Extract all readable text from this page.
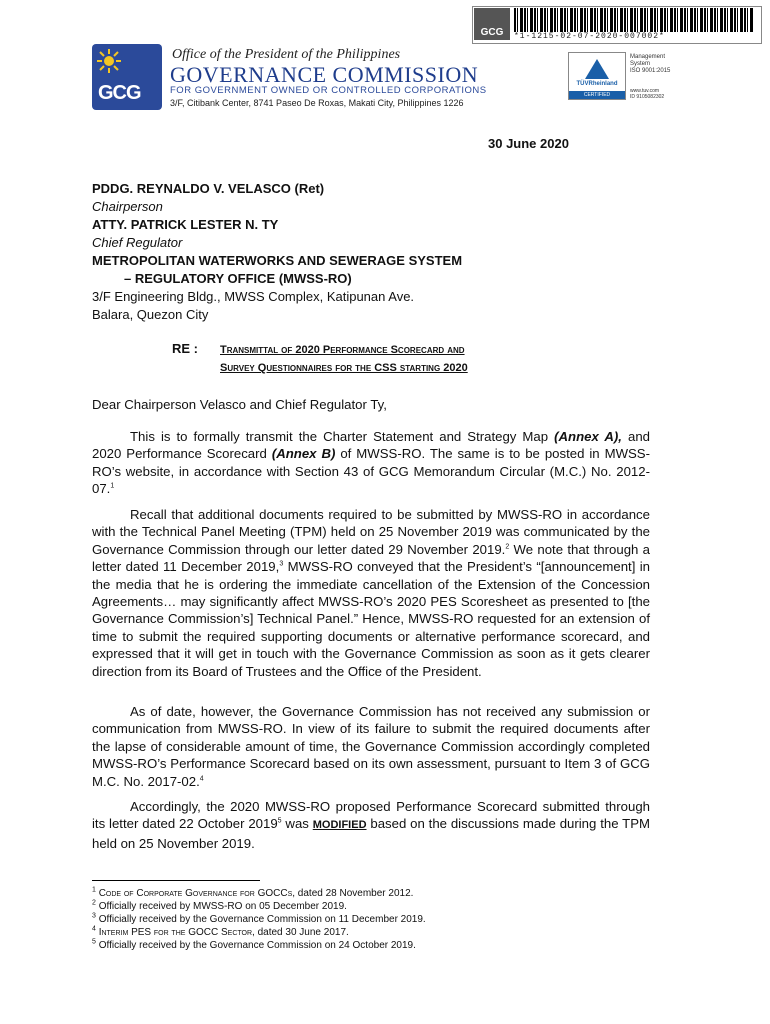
GCG
Office of the President of the Philippines
GOVERNANCE COMMISSION
FOR GOVERNMENT OWNED OR CONTROLLED CORPORATIONS
3/F, Citibank Center, 8741 Paseo De Roxas, Makati City, Philippines 1226
GCG	*1-1215-02-07-2020-007002*
TÜVRheinland
CERTIFIED
Management
System
ISO 9001:2015
www.tuv.com
ID 9105082302
30 June 2020
PDDG. REYNALDO V. VELASCO (Ret)
Chairperson
ATTY. PATRICK LESTER N. TY
Chief Regulator
METROPOLITAN WATERWORKS AND SEWERAGE SYSTEM
– REGULATORY OFFICE (MWSS-RO)
3/F Engineering Bldg., MWSS Complex, Katipunan Ave.
Balara, Quezon City
RE : Transmittal of 2020 Performance Scorecard and
Survey Questionnaires for the CSS starting 2020
Dear Chairperson Velasco and Chief Regulator Ty,
This is to formally transmit the Charter Statement and Strategy Map (Annex A), and 2020 Performance Scorecard (Annex B) of MWSS-RO. The same is to be posted in MWSS-RO’s website, in accordance with Section 43 of GCG Memorandum Circular (M.C.) No. 2012-07.$^1$
Recall that additional documents required to be submitted by MWSS-RO in accordance with the Technical Panel Meeting (TPM) held on 25 November 2019 was communicated by the Governance Commission through our letter dated 29 November 2019.$^2$ We note that through a letter dated 11 December 2019,$^3$ MWSS-RO conveyed that the President’s “[announcement] in the media that he is ordering the immediate cancellation of the Extension of the Concession Agreements… may significantly affect MWSS-RO’s 2020 PES Scoresheet as presented to [the Governance Commission’s] Technical Panel.” Hence, MWSS-RO requested for an extension of time to submit the required supporting documents or alternative performance scorecard, and expressed that it will get in touch with the Governance Commission as soon as it gets clearer direction from its Board of Trustees and the Office of the President.
As of date, however, the Governance Commission has not received any submission or communication from MWSS-RO. In view of its failure to submit the required documents after the lapse of considerable amount of time, the Governance Commission accordingly completed MWSS-RO’s Performance Scorecard based on its own assessment, pursuant to Item 3 of GCG M.C. No. 2017-02.$^4$
Accordingly, the 2020 MWSS-RO proposed Performance Scorecard submitted through its letter dated 22 October 2019$^5$ was MODIFIED based on the discussions made during the TPM held on 25 November 2019.
$^1$ Code of Corporate Governance for GOCCs, dated 28 November 2012.
$^2$ Officially received by MWSS-RO on 05 December 2019.
$^3$ Officially received by the Governance Commission on 11 December 2019.
$^4$ Interim PES for the GOCC Sector, dated 30 June 2017.
$^5$ Officially received by the Governance Commission on 24 October 2019.
